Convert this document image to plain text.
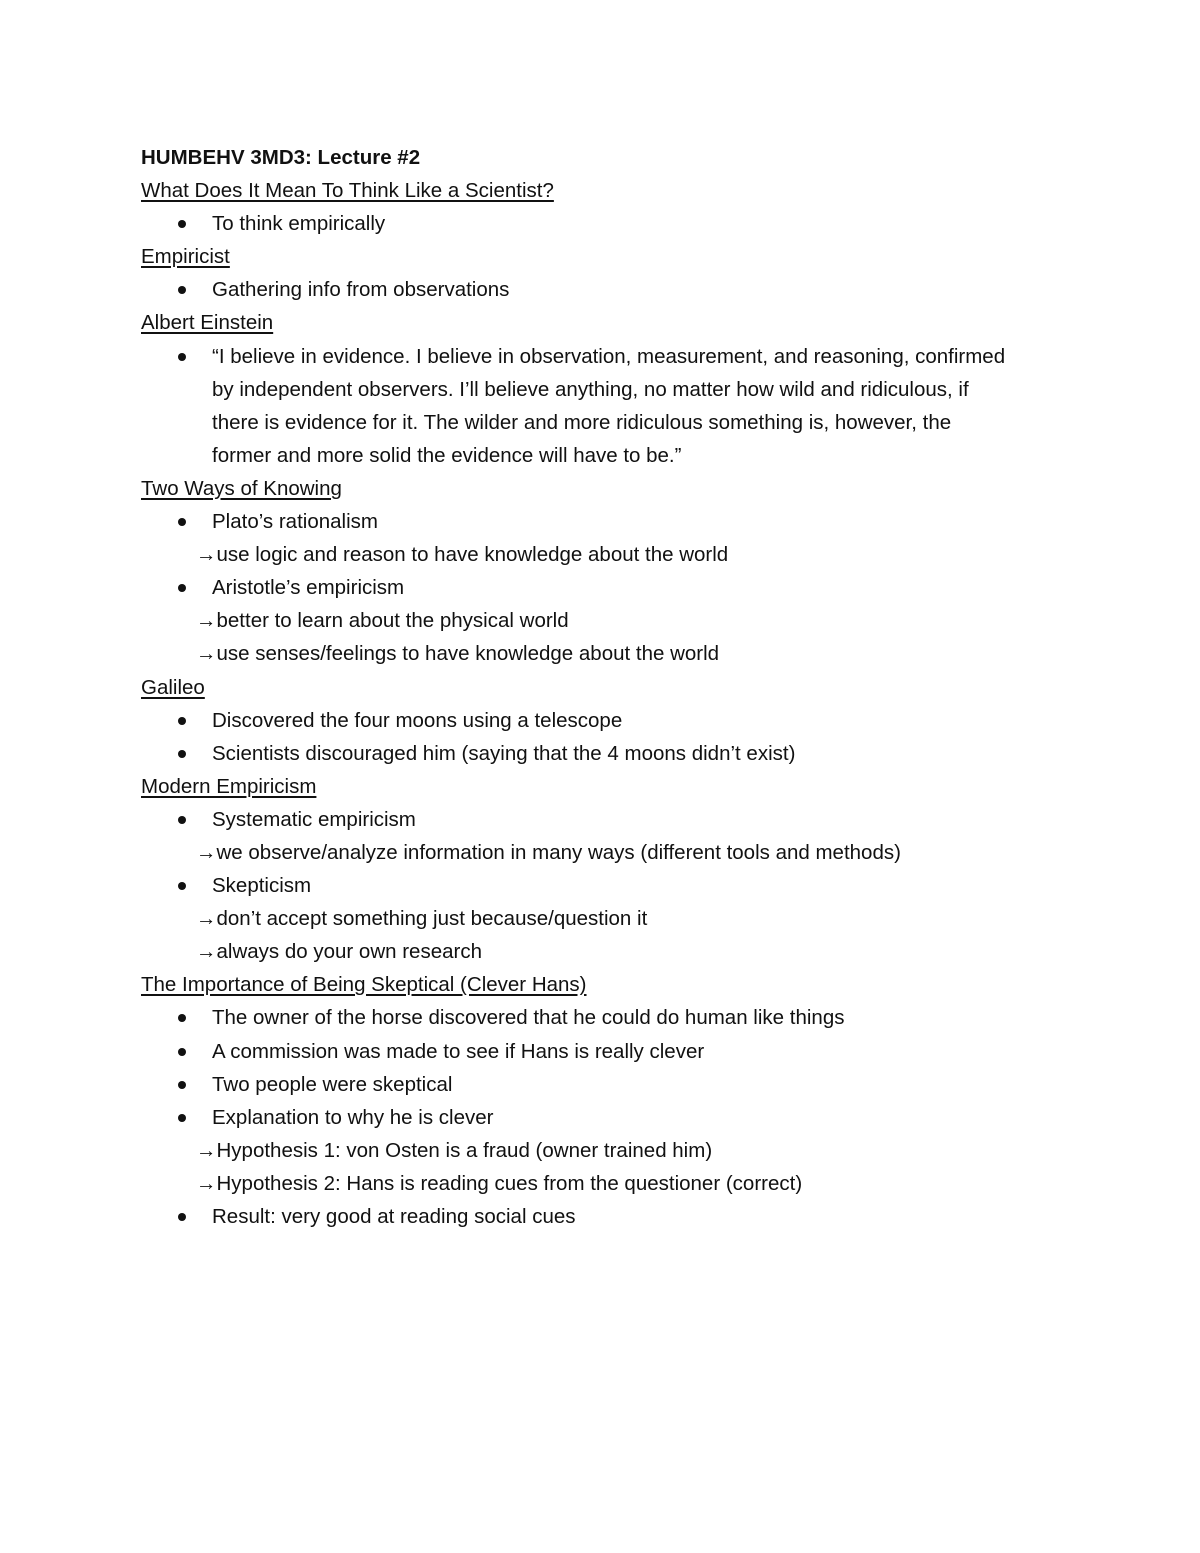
HUMBEHV 3MD3: Lecture #2
What Does It Mean To Think Like a Scientist?
To think empirically
Empiricist
Gathering info from observations
Albert Einstein
“I believe in evidence. I believe in observation, measurement, and reasoning, confirmed
by independent observers. I’ll believe anything, no matter how wild and ridiculous, if
there is evidence for it. The wilder and more ridiculous something is, however, the
former and more solid the evidence will have to be.”
Two Ways of Knowing
Plato’s rationalism
→use logic and reason to have knowledge about the world
Aristotle’s empiricism
→better to learn about the physical world
→use senses/feelings to have knowledge about the world
Galileo
Discovered the four moons using a telescope
Scientists discouraged him (saying that the 4 moons didn’t exist)
Modern Empiricism
Systematic empiricism
→we observe/analyze information in many ways (different tools and methods)
Skepticism
→don’t accept something just because/question it
→always do your own research
The Importance of Being Skeptical (Clever Hans)
The owner of the horse discovered that he could do human like things
A commission was made to see if Hans is really clever
Two people were skeptical
Explanation to why he is clever
→Hypothesis 1: von Osten is a fraud (owner trained him)
→Hypothesis 2: Hans is reading cues from the questioner (correct)
Result: very good at reading social cues
